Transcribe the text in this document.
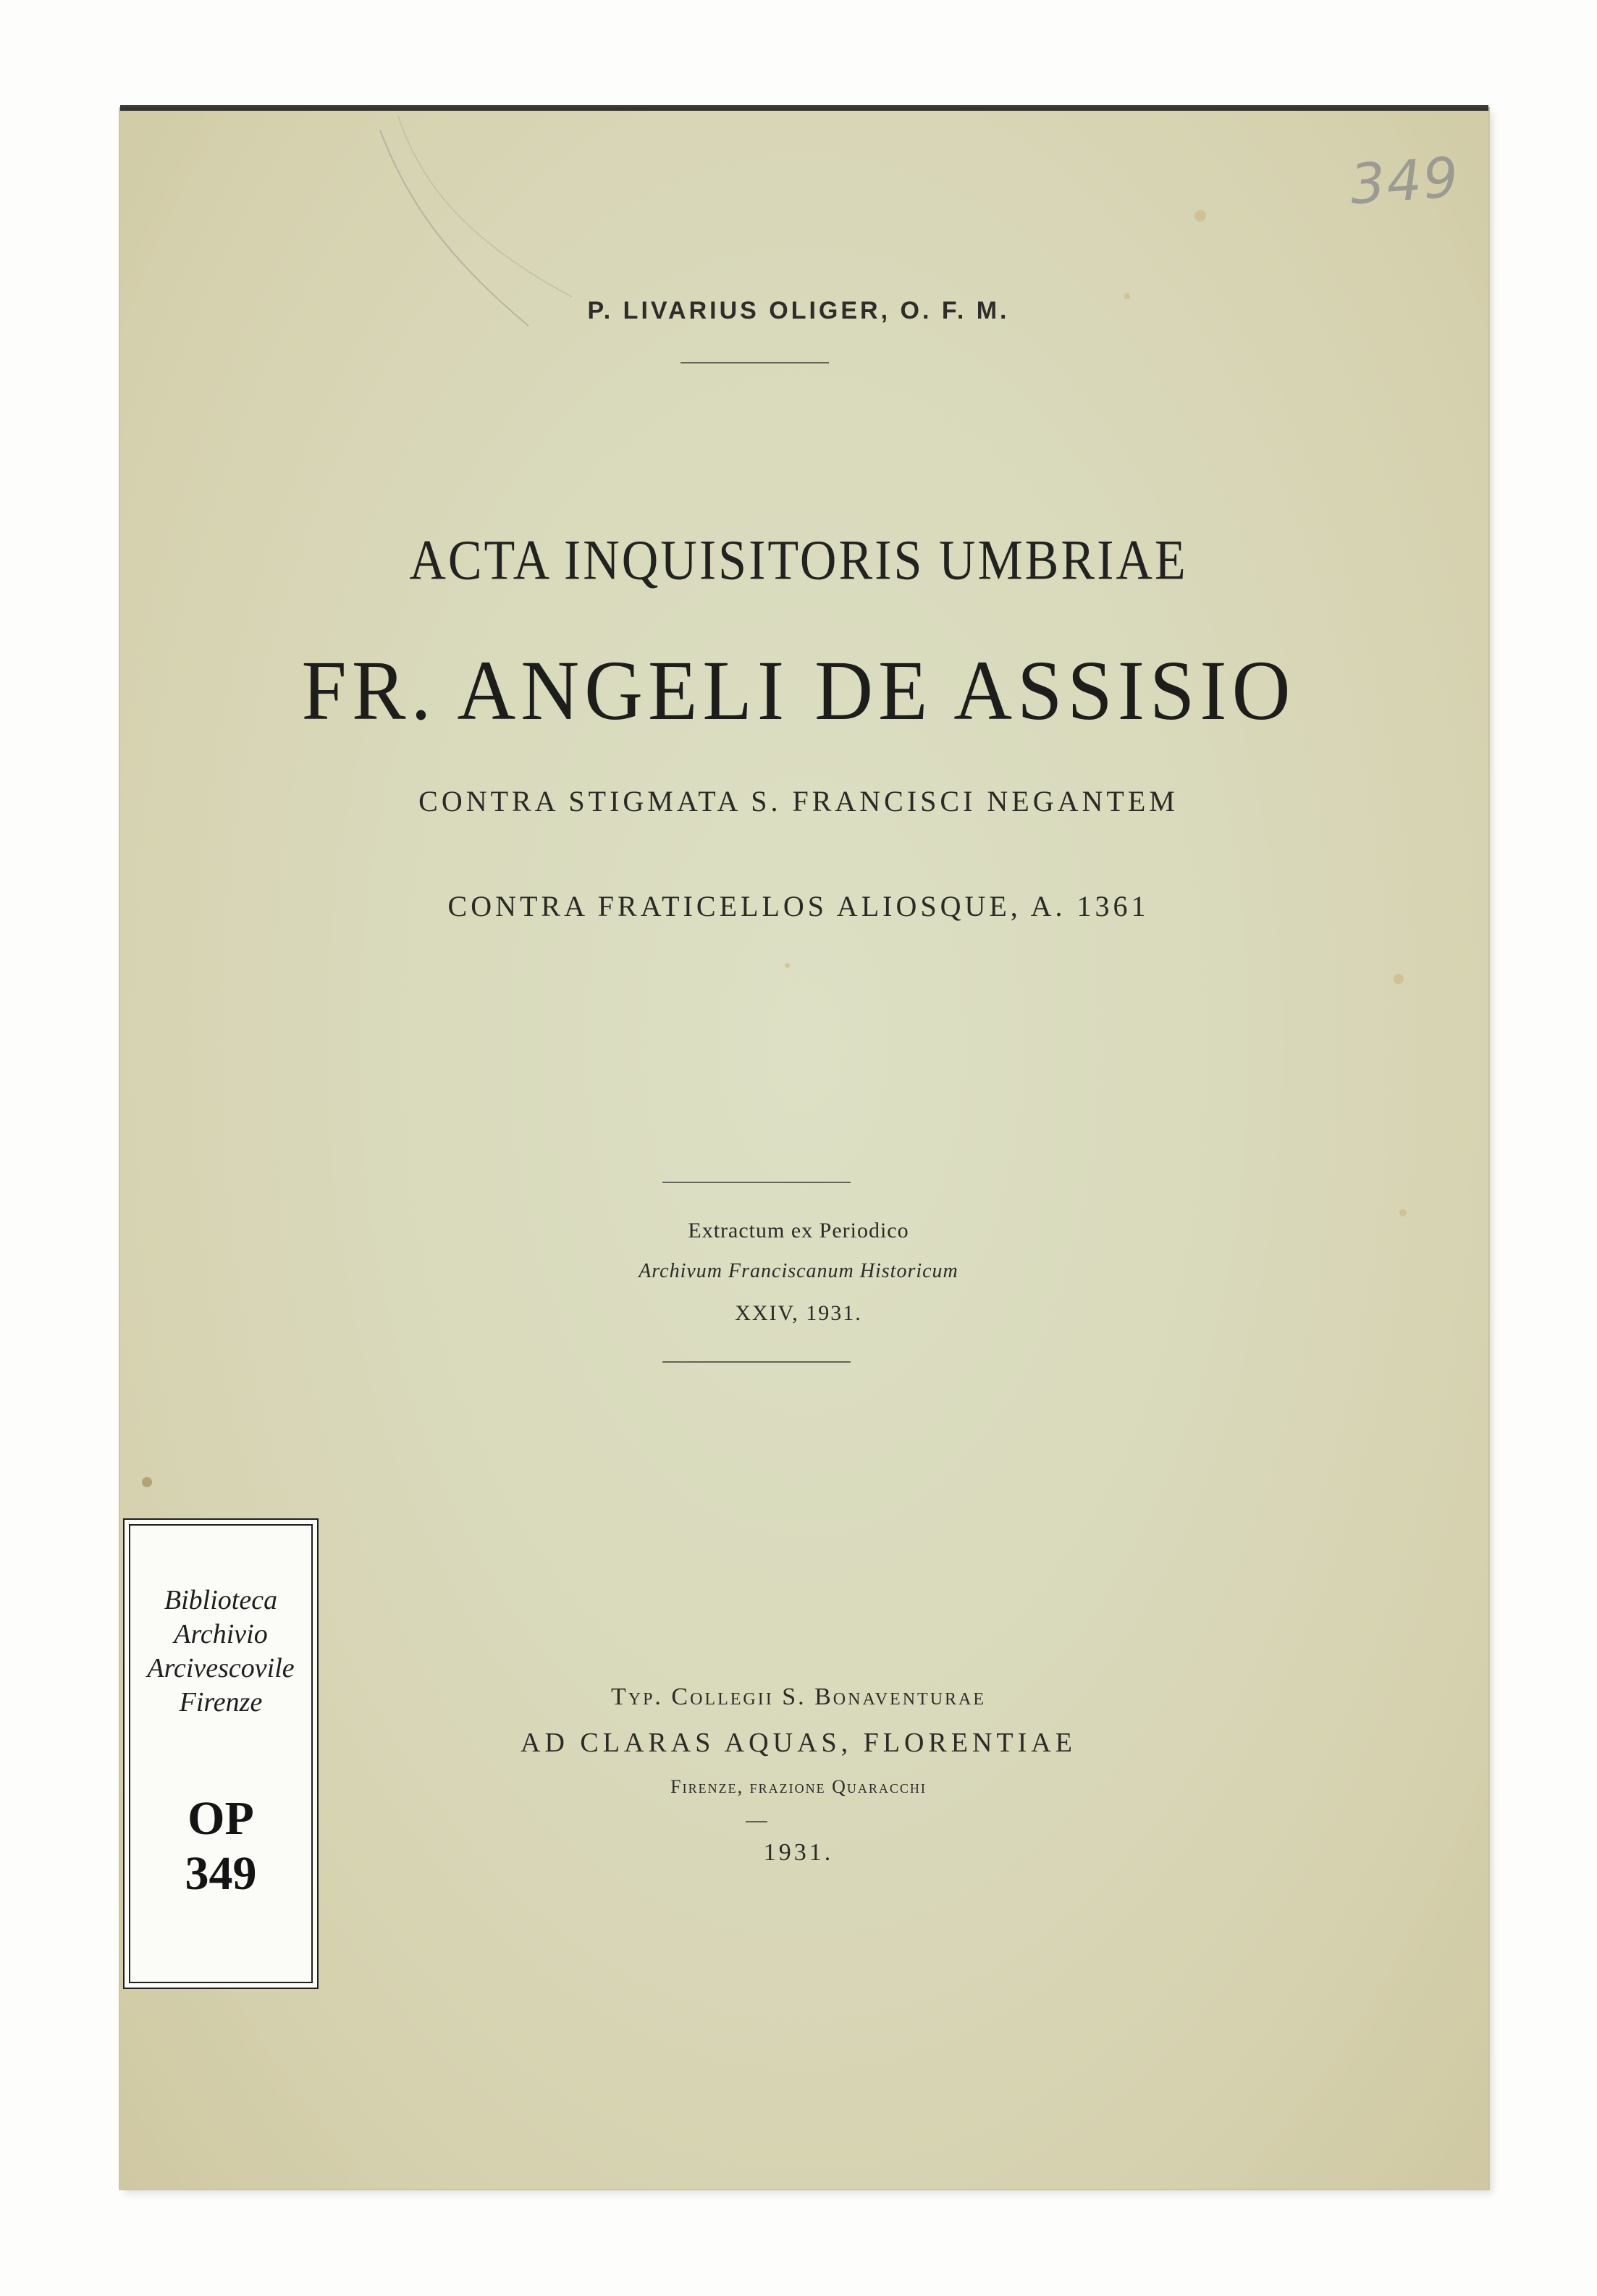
349
P. LIVARIUS OLIGER, O. F. M.
ACTA INQUISITORIS UMBRIAE
FR. ANGELI DE ASSISIO
CONTRA STIGMATA S. FRANCISCI NEGANTEM
CONTRA FRATICELLOS ALIOSQUE, A. 1361
Extractum ex Periodico
Archivum Franciscanum Historicum
XXIV, 1931.
Typ. Collegii S. Bonaventurae
AD CLARAS AQUAS, FLORENTIAE
Firenze, frazione Quaracchi
1931.
Biblioteca
Archivio
Arcivescovile
Firenze
OP
349
